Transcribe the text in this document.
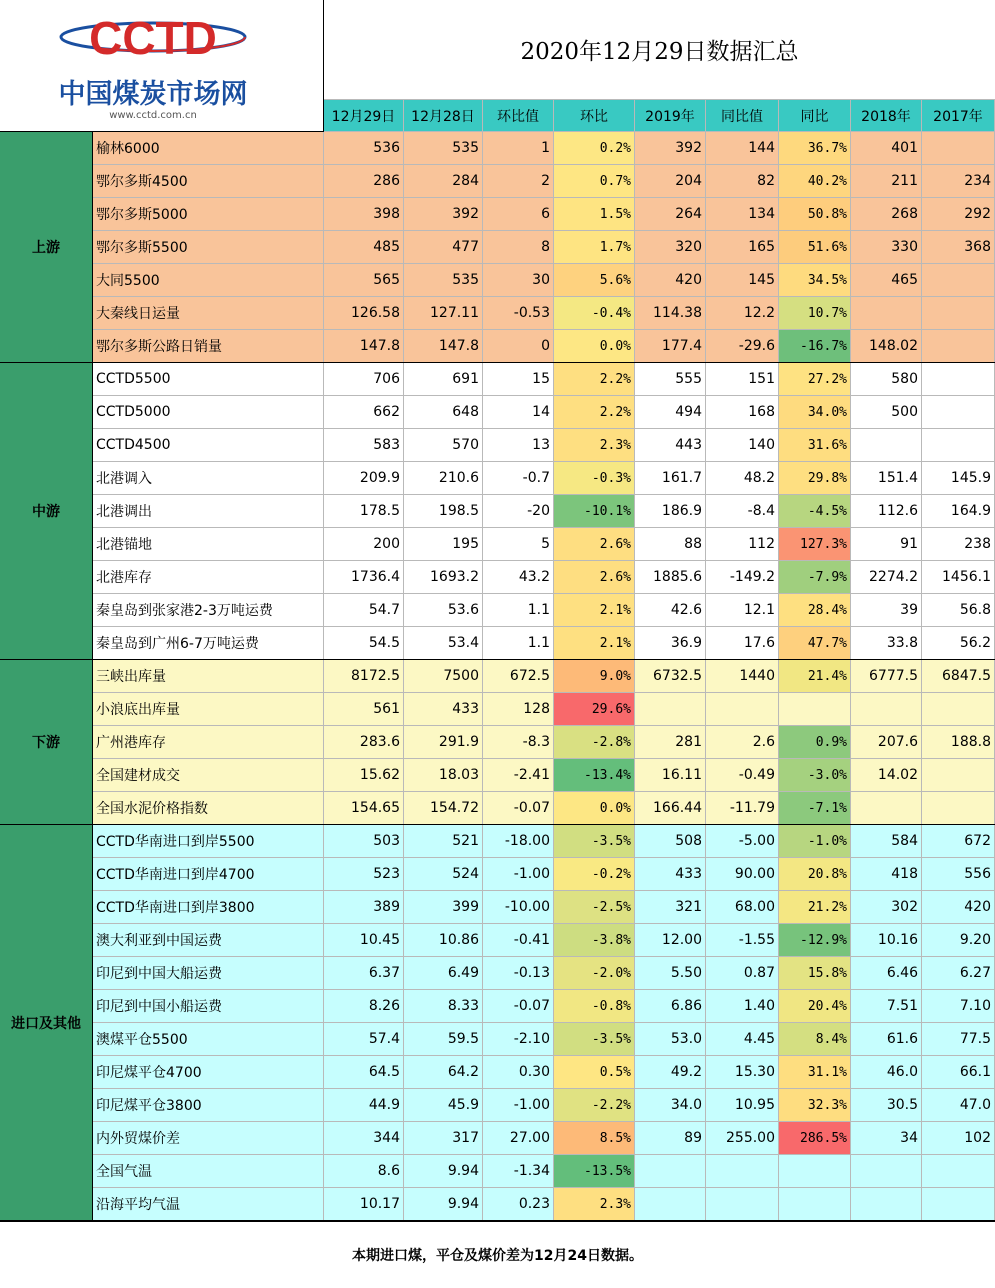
CCTD
中国煤炭市场网
www.cctd.com.cn
2020年12月29日数据汇总
12月29日	12月28日	环比值	环比	2019年	同比值	同比	2018年	2017年
上游
榆林6000	536	535	1	0.2%	392	144	36.7%	401
鄂尔多斯4500	286	284	2	0.7%	204	82	40.2%	211	234
鄂尔多斯5000	398	392	6	1.5%	264	134	50.8%	268	292
鄂尔多斯5500	485	477	8	1.7%	320	165	51.6%	330	368
大同5500	565	535	30	5.6%	420	145	34.5%	465
大秦线日运量	126.58	127.11	-0.53	-0.4%	114.38	12.2	10.7%
鄂尔多斯公路日销量	147.8	147.8	0	0.0%	177.4	-29.6	-16.7%	148.02
中游
CCTD5500	706	691	15	2.2%	555	151	27.2%	580
CCTD5000	662	648	14	2.2%	494	168	34.0%	500
CCTD4500	583	570	13	2.3%	443	140	31.6%
北港调入	209.9	210.6	-0.7	-0.3%	161.7	48.2	29.8%	151.4	145.9
北港调出	178.5	198.5	-20	-10.1%	186.9	-8.4	-4.5%	112.6	164.9
北港锚地	200	195	5	2.6%	88	112	127.3%	91	238
北港库存	1736.4	1693.2	43.2	2.6%	1885.6	-149.2	-7.9%	2274.2	1456.1
秦皇岛到张家港2-3万吨运费	54.7	53.6	1.1	2.1%	42.6	12.1	28.4%	39	56.8
秦皇岛到广州6-7万吨运费	54.5	53.4	1.1	2.1%	36.9	17.6	47.7%	33.8	56.2
下游
三峡出库量	8172.5	7500	672.5	9.0%	6732.5	1440	21.4%	6777.5	6847.5
小浪底出库量	561	433	128	29.6%
广州港库存	283.6	291.9	-8.3	-2.8%	281	2.6	0.9%	207.6	188.8
全国建材成交	15.62	18.03	-2.41	-13.4%	16.11	-0.49	-3.0%	14.02
全国水泥价格指数	154.65	154.72	-0.07	0.0%	166.44	-11.79	-7.1%
进口及其他
CCTD华南进口到岸5500	503	521	-18.00	-3.5%	508	-5.00	-1.0%	584	672
CCTD华南进口到岸4700	523	524	-1.00	-0.2%	433	90.00	20.8%	418	556
CCTD华南进口到岸3800	389	399	-10.00	-2.5%	321	68.00	21.2%	302	420
澳大利亚到中国运费	10.45	10.86	-0.41	-3.8%	12.00	-1.55	-12.9%	10.16	9.20
印尼到中国大船运费	6.37	6.49	-0.13	-2.0%	5.50	0.87	15.8%	6.46	6.27
印尼到中国小船运费	8.26	8.33	-0.07	-0.8%	6.86	1.40	20.4%	7.51	7.10
澳煤平仓5500	57.4	59.5	-2.10	-3.5%	53.0	4.45	8.4%	61.6	77.5
印尼煤平仓4700	64.5	64.2	0.30	0.5%	49.2	15.30	31.1%	46.0	66.1
印尼煤平仓3800	44.9	45.9	-1.00	-2.2%	34.0	10.95	32.3%	30.5	47.0
内外贸煤价差	344	317	27.00	8.5%	89	255.00	286.5%	34	102
全国气温	8.6	9.94	-1.34	-13.5%
沿海平均气温	10.17	9.94	0.23	2.3%
本期进口煤，平仓及煤价差为12月24日数据。
